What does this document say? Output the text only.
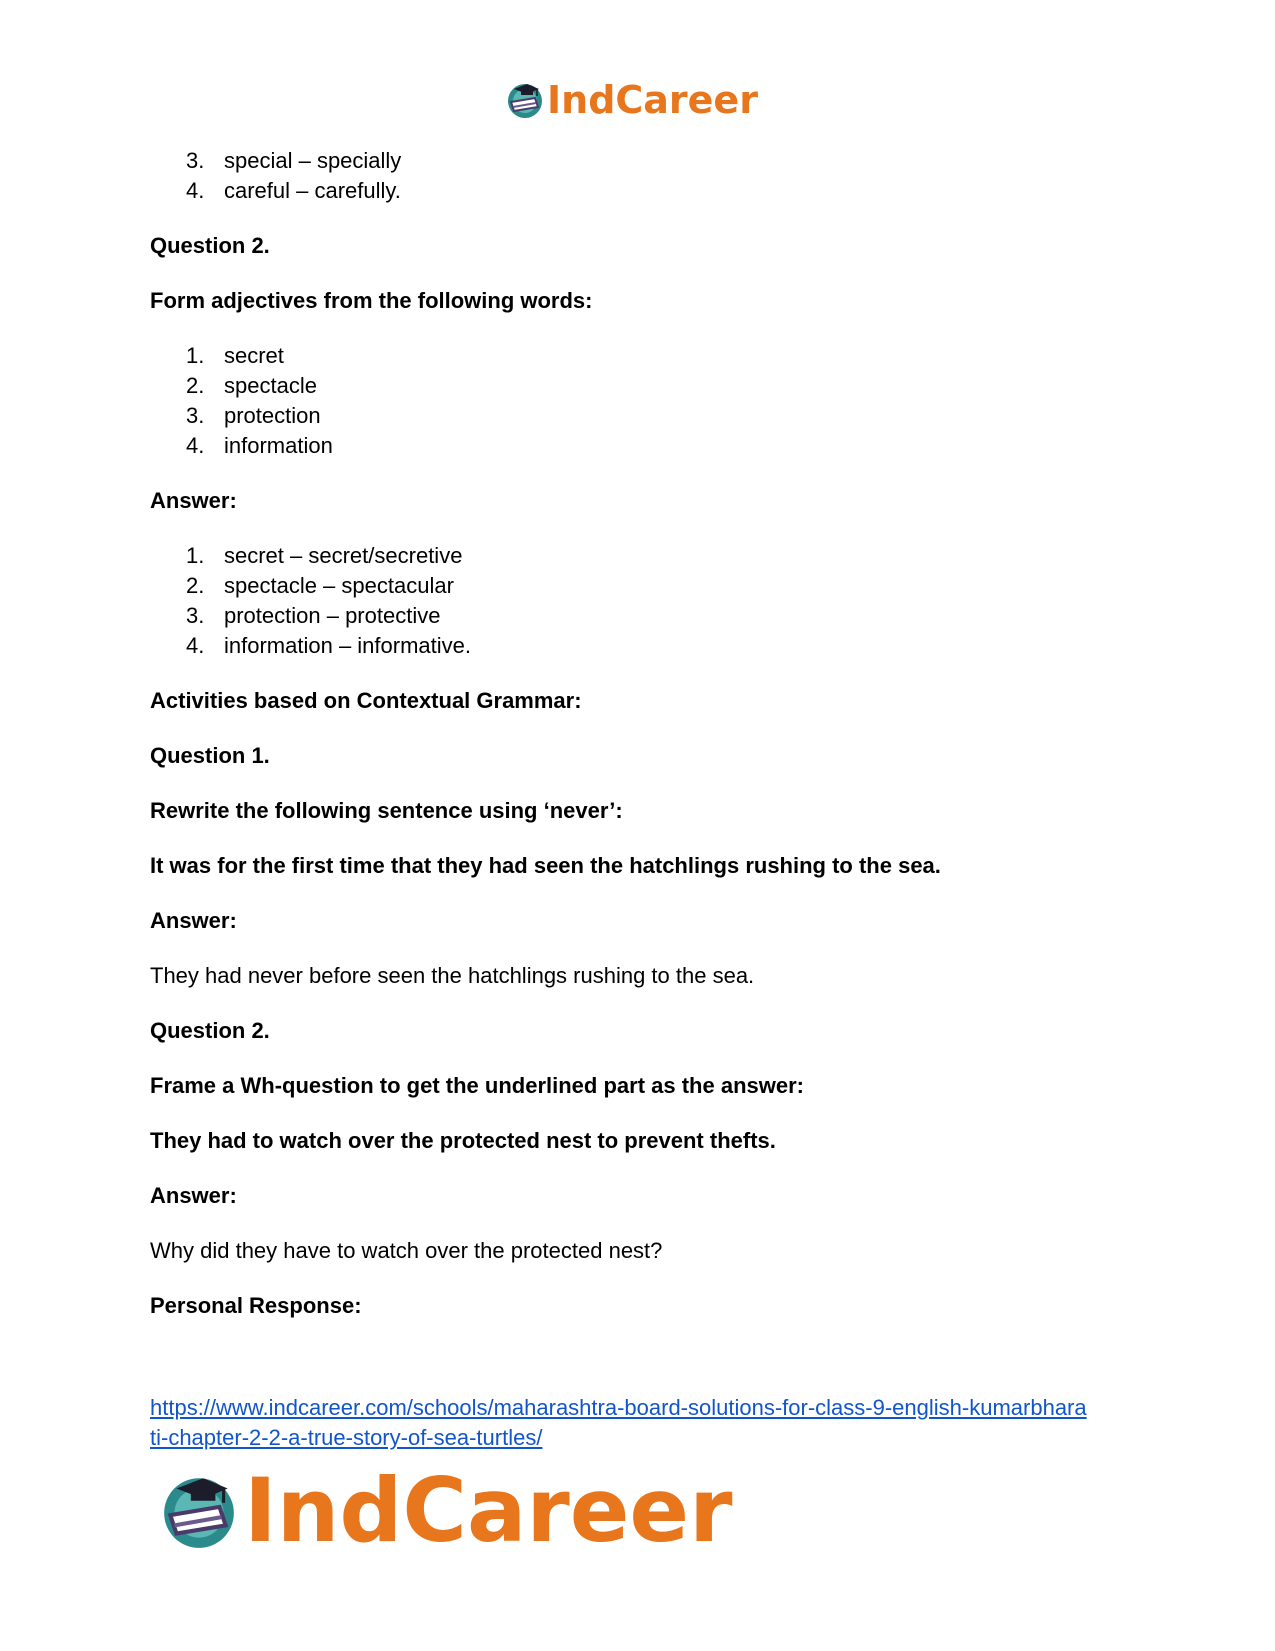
IndCareer
3. special – specially
4. careful – carefully.

Question 2.

Form adjectives from the following words:

1. secret
2. spectacle
3. protection
4. information

Answer:

1. secret – secret/secretive
2. spectacle – spectacular
3. protection – protective
4. information – informative.

Activities based on Contextual Grammar:

Question 1.

Rewrite the following sentence using ‘never’:

It was for the first time that they had seen the hatchlings rushing to the sea.

Answer:

They had never before seen the hatchlings rushing to the sea.

Question 2.

Frame a Wh-question to get the underlined part as the answer:

They had to watch over the protected nest to prevent thefts.

Answer:

Why did they have to watch over the protected nest?

Personal Response:

https://www.indcareer.com/schools/maharashtra-board-solutions-for-class-9-english-kumarbhara
ti-chapter-2-2-a-true-story-of-sea-turtles/
IndCareer
